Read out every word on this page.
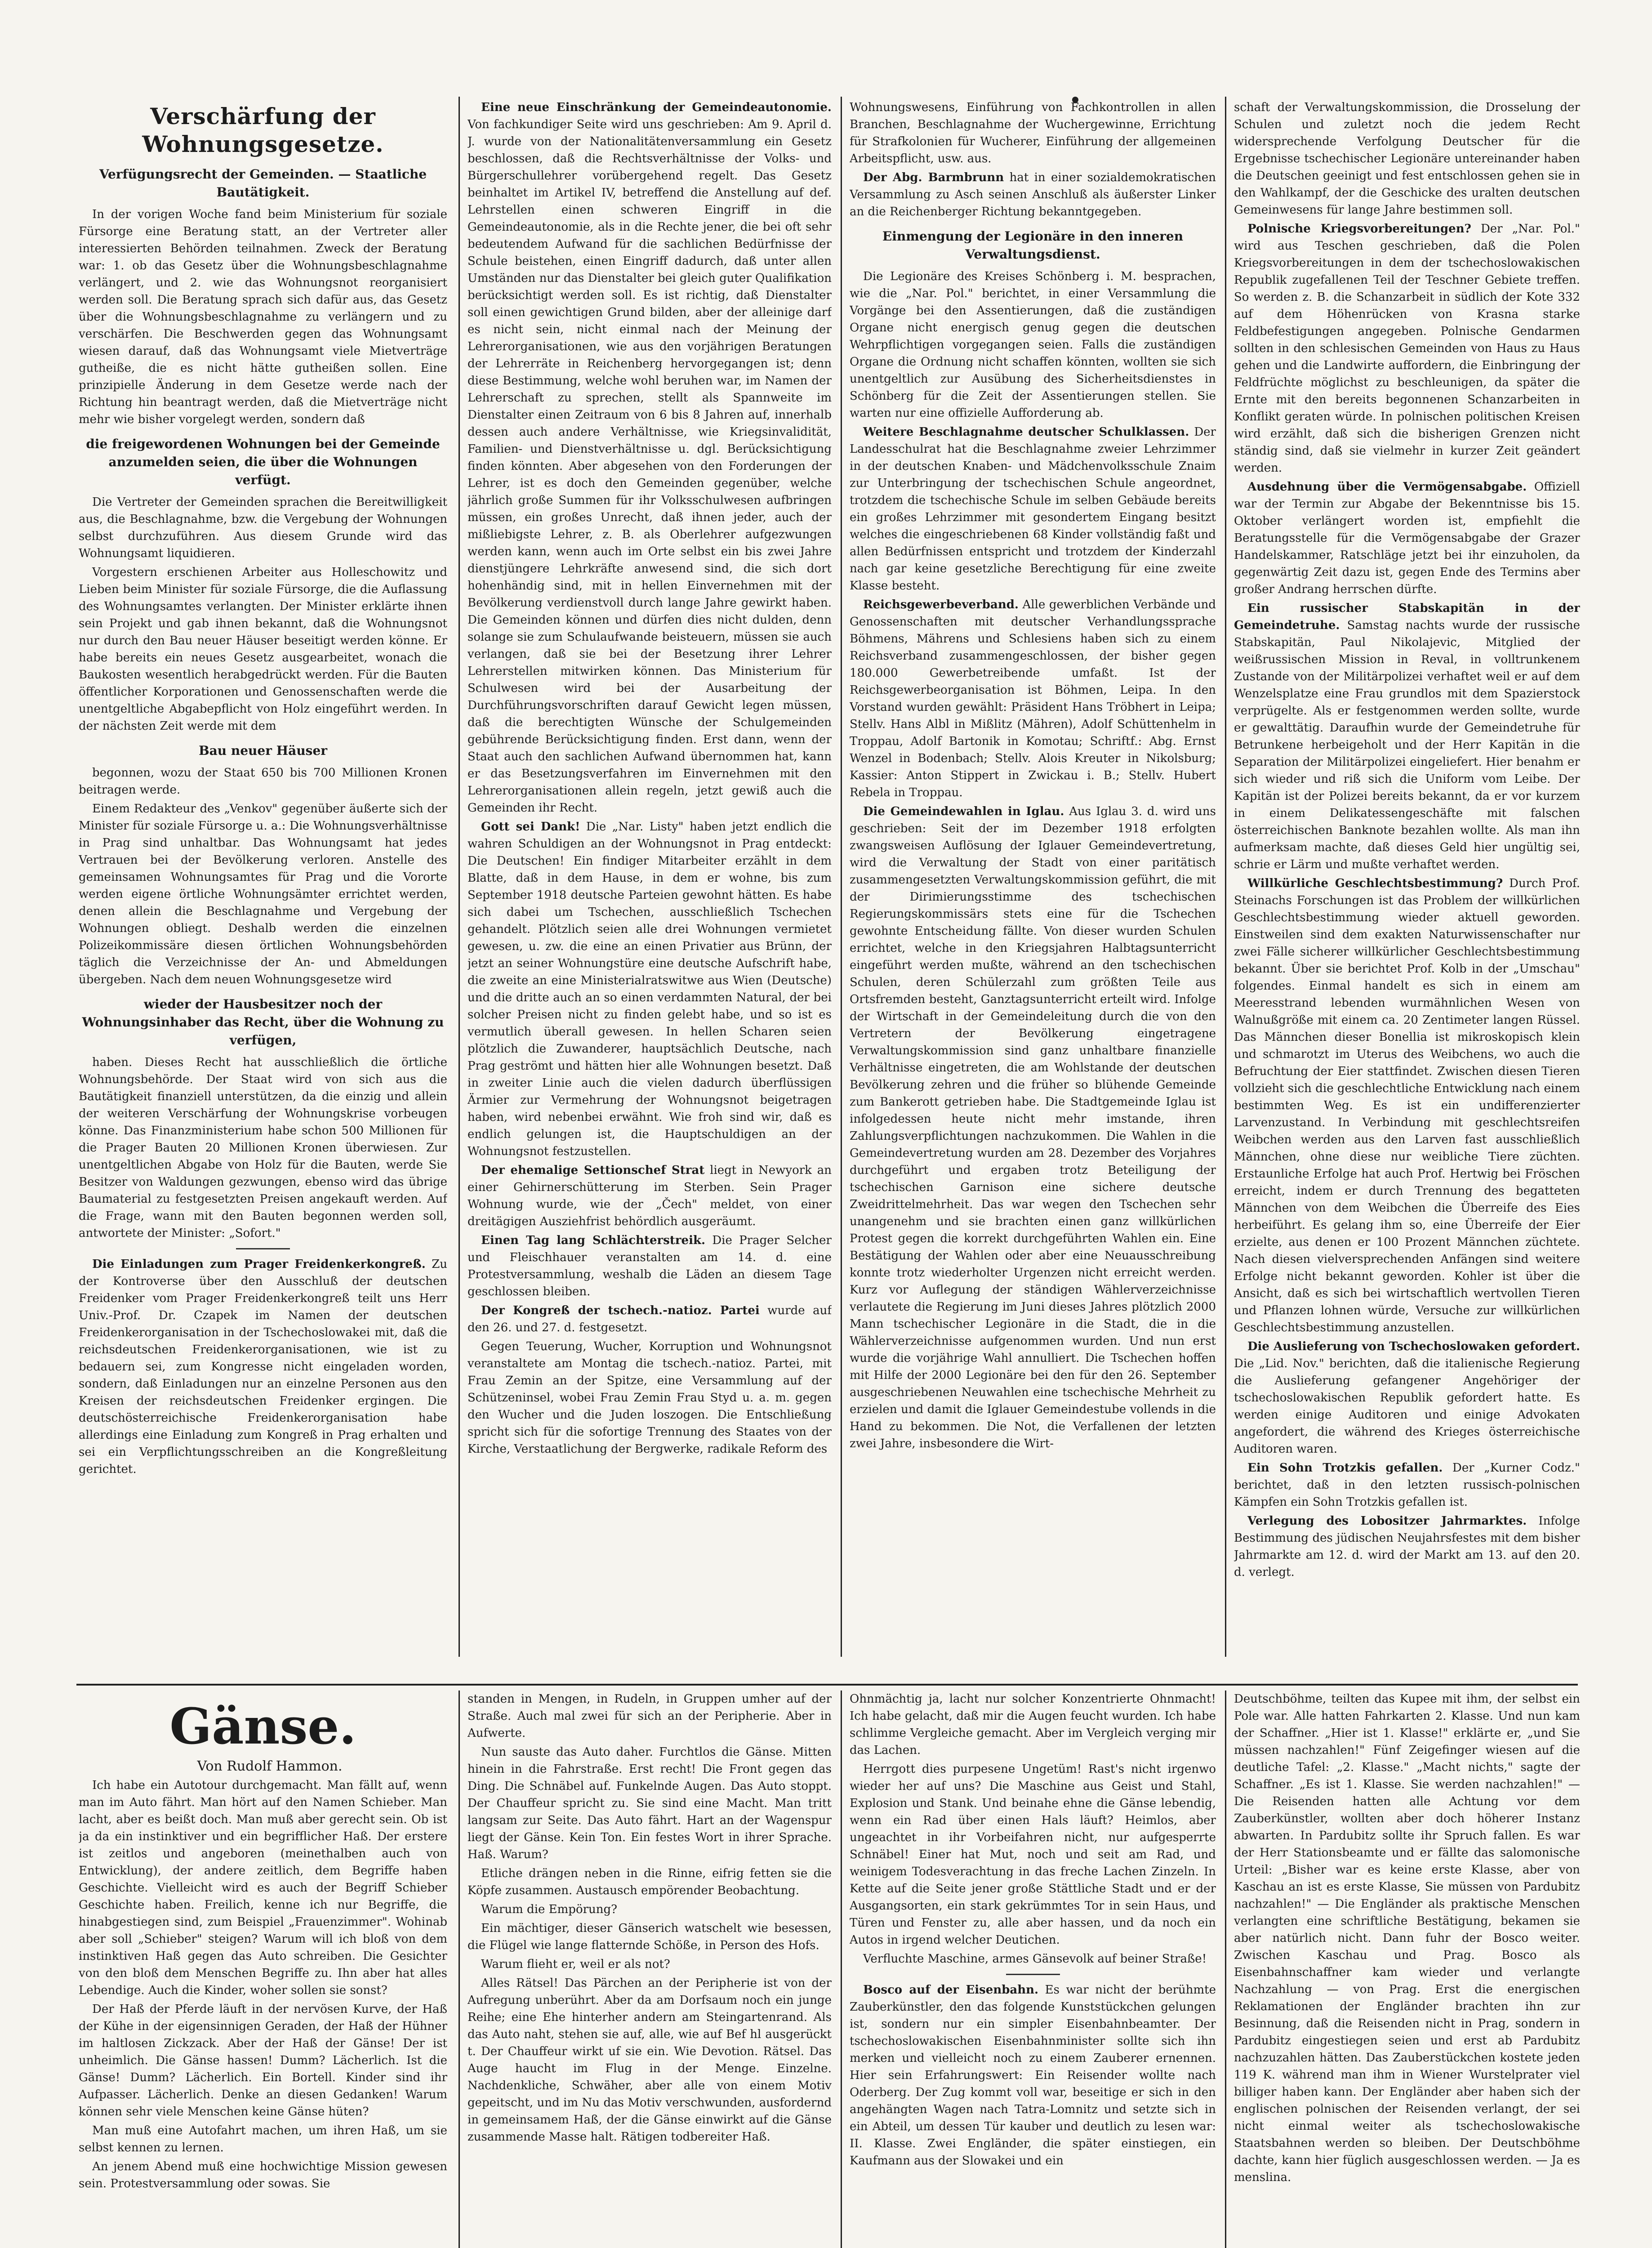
Verschärfung der Wohnungsgesetze.

Verfügungsrecht der Gemeinden. — Staatliche Bautätigkeit.

In der vorigen Woche fand beim Ministerium für soziale Fürsorge eine Beratung statt, an der Vertreter aller interessierten Behörden teilnahmen. Zweck der Beratung war: 1. ob das Gesetz über die Wohnungsbeschlagnahme verlängert, und 2. wie das Wohnungsnot reorganisiert werden soll. Die Beratung sprach sich dafür aus, das Gesetz über die Wohnungsbeschlagnahme zu verlängern und zu verschärfen. Die Beschwerden gegen das Wohnungsamt wiesen darauf, daß das Wohnungsamt viele Mietverträge gutheiße, die es nicht hätte gutheißen sollen. Eine prinzipielle Änderung in dem Gesetze werde nach der Richtung hin beantragt werden, daß die Mietverträge nicht mehr wie bisher vorgelegt werden, sondern daß

die freigewordenen Wohnungen bei der Gemeinde anzumelden seien, die über die Wohnungen verfügt.

Die Vertreter der Gemeinden sprachen die Bereitwilligkeit aus, die Beschlagnahme, bzw. die Vergebung der Wohnungen selbst durchzuführen. Aus diesem Grunde wird das Wohnungsamt liquidieren.

Vorgestern erschienen Arbeiter aus Holleschowitz und Lieben beim Minister für soziale Fürsorge, die die Auflassung des Wohnungsamtes verlangten. Der Minister erklärte ihnen sein Projekt und gab ihnen bekannt, daß die Wohnungsnot nur durch den Bau neuer Häuser beseitigt werden könne. Er habe bereits ein neues Gesetz ausgearbeitet, wonach die Baukosten wesentlich herabgedrückt werden. Für die Bauten öffentlicher Korporationen und Genossenschaften werde die unentgeltliche Abgabepflicht von Holz eingeführt werden. In der nächsten Zeit werde mit dem

Bau neuer Häuser

begonnen, wozu der Staat 650 bis 700 Millionen Kronen beitragen werde.

Einem Redakteur des „Venkov" gegenüber äußerte sich der Minister für soziale Fürsorge u. a.: Die Wohnungsverhältnisse in Prag sind unhaltbar. Das Wohnungsamt hat jedes Vertrauen bei der Bevölkerung verloren. Anstelle des gemeinsamen Wohnungsamtes für Prag und die Vororte werden eigene örtliche Wohnungsämter errichtet werden, denen allein die Beschlagnahme und Vergebung der Wohnungen obliegt. Deshalb werden die einzelnen Polizeikommissäre diesen örtlichen Wohnungsbehörden täglich die Verzeichnisse der An- und Abmeldungen übergeben. Nach dem neuen Wohnungsgesetze wird

wieder der Hausbesitzer noch der Wohnungsinhaber das Recht, über die Wohnung zu verfügen,

haben. Dieses Recht hat ausschließlich die örtliche Wohnungsbehörde. Der Staat wird von sich aus die Bautätigkeit finanziell unterstützen, da die einzig und allein der weiteren Verschärfung der Wohnungskrise vorbeugen könne. Das Finanzministerium habe schon 500 Millionen für die Prager Bauten 20 Millionen Kronen überwiesen. Zur unentgeltlichen Abgabe von Holz für die Bauten, werde Sie Besitzer von Waldungen gezwungen, ebenso wird das übrige Baumaterial zu festgesetzten Preisen angekauft werden. Auf die Frage, wann mit den Bauten begonnen werden soll, antwortete der Minister: „Sofort."

Die Einladungen zum Prager Freidenkerkongreß. Zu der Kontroverse über den Ausschluß der deutschen Freidenker vom Prager Freidenkerkongreß teilt uns Herr Univ.-Prof. Dr. Czapek im Namen der deutschen Freidenkerorganisation in der Tschechoslowakei mit, daß die reichsdeutschen Freidenkerorganisationen, wie ist zu bedauern sei, zum Kongresse nicht eingeladen worden, sondern, daß Einladungen nur an einzelne Personen aus den Kreisen der reichsdeutschen Freidenker ergingen. Die deutschösterreichische Freidenkerorganisation habe allerdings eine Einladung zum Kongreß in Prag erhalten und sei ein Verpflichtungsschreiben an die Kongreßleitung gerichtet.

Eine neue Einschränkung der Gemeindeautonomie. Von fachkundiger Seite wird uns geschrieben: Am 9. April d. J. wurde von der Nationalitätenversammlung ein Gesetz beschlossen, daß die Rechtsverhältnisse der Volks- und Bürgerschullehrer vorübergehend regelt. Das Gesetz beinhaltet im Artikel IV, betreffend die Anstellung auf def. Lehrstellen einen schweren Eingriff in die Gemeindeautonomie, als in die Rechte jener, die bei oft sehr bedeutendem Aufwand für die sachlichen Bedürfnisse der Schule beistehen, einen Eingriff dadurch, daß unter allen Umständen nur das Dienstalter bei gleich guter Qualifikation berücksichtigt werden soll. Es ist richtig, daß Dienstalter soll einen gewichtigen Grund bilden, aber der alleinige darf es nicht sein, nicht einmal nach der Meinung der Lehrerorganisationen, wie aus den vorjährigen Beratungen der Lehrerräte in Reichenberg hervorgegangen ist; denn diese Bestimmung, welche wohl beruhen war, im Namen der Lehrerschaft zu sprechen, stellt als Spannweite im Dienstalter einen Zeitraum von 6 bis 8 Jahren auf, innerhalb dessen auch andere Verhältnisse, wie Kriegsinvalidität, Familien- und Dienstverhältnisse u. dgl. Berücksichtigung finden könnten. Aber abgesehen von den Forderungen der Lehrer, ist es doch den Gemeinden gegenüber, welche jährlich große Summen für ihr Volksschulwesen aufbringen müssen, ein großes Unrecht, daß ihnen jeder, auch der mißliebigste Lehrer, z. B. als Oberlehrer aufgezwungen werden kann, wenn auch im Orte selbst ein bis zwei Jahre dienstjüngere Lehrkräfte anwesend sind, die sich dort hohenhändig sind, mit in hellen Einvernehmen mit der Bevölkerung verdienstvoll durch lange Jahre gewirkt haben. Die Gemeinden können und dürfen dies nicht dulden, denn solange sie zum Schulaufwande beisteuern, müssen sie auch verlangen, daß sie bei der Besetzung ihrer Lehrer Lehrerstellen mitwirken können. Das Ministerium für Schulwesen wird bei der Ausarbeitung der Durchführungsvorschriften darauf Gewicht legen müssen, daß die berechtigten Wünsche der Schulgemeinden gebührende Berücksichtigung finden. Erst dann, wenn der Staat auch den sachlichen Aufwand übernommen hat, kann er das Besetzungsverfahren im Einvernehmen mit den Lehrerorganisationen allein regeln, jetzt gewiß auch die Gemeinden ihr Recht.

Gott sei Dank! Die „Nar. Listy" haben jetzt endlich die wahren Schuldigen an der Wohnungsnot in Prag entdeckt: Die Deutschen! Ein findiger Mitarbeiter erzählt in dem Blatte, daß in dem Hause, in dem er wohne, bis zum September 1918 deutsche Parteien gewohnt hätten. Es habe sich dabei um Tschechen, ausschließlich Tschechen gehandelt. Plötzlich seien alle drei Wohnungen vermietet gewesen, u. zw. die eine an einen Privatier aus Brünn, der jetzt an seiner Wohnungstüre eine deutsche Aufschrift habe, die zweite an eine Ministerialratswitwe aus Wien (Deutsche) und die dritte auch an so einen verdammten Natural, der bei solcher Preisen nicht zu finden gelebt habe, und so ist es vermutlich überall gewesen. In hellen Scharen seien plötzlich die Zuwanderer, hauptsächlich Deutsche, nach Prag geströmt und hätten hier alle Wohnungen besetzt. Daß in zweiter Linie auch die vielen dadurch überflüssigen Ärmier zur Vermehrung der Wohnungsnot beigetragen haben, wird nebenbei erwähnt. Wie froh sind wir, daß es endlich gelungen ist, die Hauptschuldigen an der Wohnungsnot festzustellen.

Der ehemalige Settionschef Strat liegt in Newyork an einer Gehirnerschütterung im Sterben. Sein Prager Wohnung wurde, wie der „Čech" meldet, von einer dreitägigen Ausziehfrist behördlich ausgeräumt.

Einen Tag lang Schlächterstreik. Die Prager Selcher und Fleischhauer veranstalten am 14. d. eine Protestversammlung, weshalb die Läden an diesem Tage geschlossen bleiben.

Der Kongreß der tschech.-natioz. Partei wurde auf den 26. und 27. d. festgesetzt.

Gegen Teuerung, Wucher, Korruption und Wohnungsnot veranstaltete am Montag die tschech.-natioz. Partei, mit Frau Zemin an der Spitze, eine Versammlung auf der Schützeninsel, wobei Frau Zemin Frau Styd u. a. m. gegen den Wucher und die Juden loszogen. Die Entschließung spricht sich für die sofortige Trennung des Staates von der Kirche, Verstaatlichung der Bergwerke, radikale Reform des

Wohnungswesens, Einführung von Fachkontrollen in allen Branchen, Beschlagnahme der Wuchergewinne, Errichtung für Strafkolonien für Wucherer, Einführung der allgemeinen Arbeitspflicht, usw. aus.

Der Abg. Barmbrunn hat in einer sozialdemokratischen Versammlung zu Asch seinen Anschluß als äußerster Linker an die Reichenberger Richtung bekanntgegeben.

Einmengung der Legionäre in den inneren Verwaltungsdienst.

Die Legionäre des Kreises Schönberg i. M. besprachen, wie die „Nar. Pol." berichtet, in einer Versammlung die Vorgänge bei den Assentierungen, daß die zuständigen Organe nicht energisch genug gegen die deutschen Wehrpflichtigen vorgegangen seien. Falls die zuständigen Organe die Ordnung nicht schaffen könnten, wollten sie sich unentgeltlich zur Ausübung des Sicherheitsdienstes in Schönberg für die Zeit der Assentierungen stellen. Sie warten nur eine offizielle Aufforderung ab.

Weitere Beschlagnahme deutscher Schulklassen. Der Landesschulrat hat die Beschlagnahme zweier Lehrzimmer in der deutschen Knaben- und Mädchenvolksschule Znaim zur Unterbringung der tschechischen Schule angeordnet, trotzdem die tschechische Schule im selben Gebäude bereits ein großes Lehrzimmer mit gesondertem Eingang besitzt welches die eingeschriebenen 68 Kinder vollständig faßt und allen Bedürfnissen entspricht und trotzdem der Kinderzahl nach gar keine gesetzliche Berechtigung für eine zweite Klasse besteht.

Reichsgewerbeverband. Alle gewerblichen Verbände und Genossenschaften mit deutscher Verhandlungssprache Böhmens, Mährens und Schlesiens haben sich zu einem Reichsverband zusammengeschlossen, der bisher gegen 180.000 Gewerbetreibende umfaßt. Ist der Reichsgewerbeorganisation ist Böhmen, Leipa. In den Vorstand wurden gewählt: Präsident Hans Tröbhert in Leipa; Stellv. Hans Albl in Mißlitz (Mähren), Adolf Schüttenhelm in Troppau, Adolf Bartonik in Komotau; Schriftf.: Abg. Ernst Wenzel in Bodenbach; Stellv. Alois Kreuter in Nikolsburg; Kassier: Anton Stippert in Zwickau i. B.; Stellv. Hubert Rebela in Troppau.

Die Gemeindewahlen in Iglau. Aus Iglau 3. d. wird uns geschrieben: Seit der im Dezember 1918 erfolgten zwangsweisen Auflösung der Iglauer Gemeindevertretung, wird die Verwaltung der Stadt von einer paritätisch zusammengesetzten Verwaltungskommission geführt, die mit der Dirimierungsstimme des tschechischen Regierungskommissärs stets eine für die Tschechen gewohnte Entscheidung fällte. Von dieser wurden Schulen errichtet, welche in den Kriegsjahren Halbtagsunterricht eingeführt werden mußte, während an den tschechischen Schulen, deren Schülerzahl zum größten Teile aus Ortsfremden besteht, Ganztagsunterricht erteilt wird. Infolge der Wirtschaft in der Gemeindeleitung durch die von den Vertretern der Bevölkerung eingetragene Verwaltungskommission sind ganz unhaltbare finanzielle Verhältnisse eingetreten, die am Wohlstande der deutschen Bevölkerung zehren und die früher so blühende Gemeinde zum Bankerott getrieben habe. Die Stadtgemeinde Iglau ist infolgedessen heute nicht mehr imstande, ihren Zahlungsverpflichtungen nachzukommen. Die Wahlen in die Gemeindevertretung wurden am 28. Dezember des Vorjahres durchgeführt und ergaben trotz Beteiligung der tschechischen Garnison eine sichere deutsche Zweidrittelmehrheit. Das war wegen den Tschechen sehr unangenehm und sie brachten einen ganz willkürlichen Protest gegen die korrekt durchgeführten Wahlen ein. Eine Bestätigung der Wahlen oder aber eine Neuausschreibung konnte trotz wiederholter Urgenzen nicht erreicht werden. Kurz vor Auflegung der ständigen Wählerverzeichnisse verlautete die Regierung im Juni dieses Jahres plötzlich 2000 Mann tschechischer Legionäre in die Stadt, die in die Wählerverzeichnisse aufgenommen wurden. Und nun erst wurde die vorjährige Wahl annulliert. Die Tschechen hoffen mit Hilfe der 2000 Legionäre bei den für den 26. September ausgeschriebenen Neuwahlen eine tschechische Mehrheit zu erzielen und damit die Iglauer Gemeindestube vollends in die Hand zu bekommen. Die Not, die Verfallenen der letzten zwei Jahre, insbesondere die Wirt-

schaft der Verwaltungskommission, die Drosselung der Schulen und zuletzt noch die jedem Recht widersprechende Verfolgung Deutscher für die Ergebnisse tschechischer Legionäre untereinander haben die Deutschen geeinigt und fest entschlossen gehen sie in den Wahlkampf, der die Geschicke des uralten deutschen Gemeinwesens für lange Jahre bestimmen soll.

Polnische Kriegsvorbereitungen? Der „Nar. Pol." wird aus Teschen geschrieben, daß die Polen Kriegsvorbereitungen in dem der tschechoslowakischen Republik zugefallenen Teil der Teschner Gebiete treffen. So werden z. B. die Schanzarbeit in südlich der Kote 332 auf dem Höhenrücken von Krasna starke Feldbefestigungen angegeben. Polnische Gendarmen sollten in den schlesischen Gemeinden von Haus zu Haus gehen und die Landwirte auffordern, die Einbringung der Feldfrüchte möglichst zu beschleunigen, da später die Ernte mit den bereits begonnenen Schanzarbeiten in Konflikt geraten würde. In polnischen politischen Kreisen wird erzählt, daß sich die bisherigen Grenzen nicht ständig sind, daß sie vielmehr in kurzer Zeit geändert werden.

Ausdehnung über die Vermögensabgabe. Offiziell war der Termin zur Abgabe der Bekenntnisse bis 15. Oktober verlängert worden ist, empfiehlt die Beratungsstelle für die Vermögensabgabe der Grazer Handelskammer, Ratschläge jetzt bei ihr einzuholen, da gegenwärtig Zeit dazu ist, gegen Ende des Termins aber großer Andrang herrschen dürfte.

Ein russischer Stabskapitän in der Gemeindetruhe. Samstag nachts wurde der russische Stabskapitän, Paul Nikolajevic, Mitglied der weißrussischen Mission in Reval, in volltrunkenem Zustande von der Militärpolizei verhaftet weil er auf dem Wenzelsplatze eine Frau grundlos mit dem Spazierstock verprügelte. Als er festgenommen werden sollte, wurde er gewalttätig. Daraufhin wurde der Gemeindetruhe für Betrunkene herbeigeholt und der Herr Kapitän in die Separation der Militärpolizei eingeliefert. Hier benahm er sich wieder und riß sich die Uniform vom Leibe. Der Kapitän ist der Polizei bereits bekannt, da er vor kurzem in einem Delikatessengeschäfte mit falschen österreichischen Banknote bezahlen wollte. Als man ihn aufmerksam machte, daß dieses Geld hier ungültig sei, schrie er Lärm und mußte verhaftet werden.

Willkürliche Geschlechtsbestimmung? Durch Prof. Steinachs Forschungen ist das Problem der willkürlichen Geschlechtsbestimmung wieder aktuell geworden. Einstweilen sind dem exakten Naturwissenschafter nur zwei Fälle sicherer willkürlicher Geschlechtsbestimmung bekannt. Über sie berichtet Prof. Kolb in der „Umschau" folgendes. Einmal handelt es sich in einem am Meeresstrand lebenden wurmähnlichen Wesen von Walnußgröße mit einem ca. 20 Zentimeter langen Rüssel. Das Männchen dieser Bonellia ist mikroskopisch klein und schmarotzt im Uterus des Weibchens, wo auch die Befruchtung der Eier stattfindet. Zwischen diesen Tieren vollzieht sich die geschlechtliche Entwicklung nach einem bestimmten Weg. Es ist ein undifferenzierter Larvenzustand. In Verbindung mit geschlechtsreifen Weibchen werden aus den Larven fast ausschließlich Männchen, ohne diese nur weibliche Tiere züchten. Erstaunliche Erfolge hat auch Prof. Hertwig bei Fröschen erreicht, indem er durch Trennung des begatteten Männchen von dem Weibchen die Überreife des Eies herbeiführt. Es gelang ihm so, eine Überreife der Eier erzielte, aus denen er 100 Prozent Männchen züchtete. Nach diesen vielversprechenden Anfängen sind weitere Erfolge nicht bekannt geworden. Kohler ist über die Ansicht, daß es sich bei wirtschaftlich wertvollen Tieren und Pflanzen lohnen würde, Versuche zur willkürlichen Geschlechtsbestimmung anzustellen.

Die Auslieferung von Tschechoslowaken gefordert. Die „Lid. Nov." berichten, daß die italienische Regierung die Auslieferung gefangener Angehöriger der tschechoslowakischen Republik gefordert hatte. Es werden einige Auditoren und einige Advokaten angefordert, die während des Krieges österreichische Auditoren waren.

Ein Sohn Trotzkis gefallen. Der „Kurner Codz." berichtet, daß in den letzten russisch-polnischen Kämpfen ein Sohn Trotzkis gefallen ist.

Verlegung des Lobositzer Jahrmarktes. Infolge Bestimmung des jüdischen Neujahrsfestes mit dem bisher Jahrmarkte am 12. d. wird der Markt am 13. auf den 20. d. verlegt.

Gänse.

Von Rudolf Hammon.

Ich habe ein Autotour durchgemacht. Man fällt auf, wenn man im Auto fährt. Man hört auf den Namen Schieber. Man lacht, aber es beißt doch. Man muß aber gerecht sein. Ob ist ja da ein instinktiver und ein begrifflicher Haß. Der erstere ist zeitlos und angeboren (meinethalben auch von Entwicklung), der andere zeitlich, dem Begriffe haben Geschichte. Vielleicht wird es auch der Begriff Schieber Geschichte haben. Freilich, kenne ich nur Begriffe, die hinabgestiegen sind, zum Beispiel „Frauenzimmer". Wohinab aber soll „Schieber" steigen? Warum will ich bloß von dem instinktiven Haß gegen das Auto schreiben. Die Gesichter von den bloß dem Menschen Begriffe zu. Ihn aber hat alles Lebendige. Auch die Kinder, woher sollen sie sonst?

Der Haß der Pferde läuft in der nervösen Kurve, der Haß der Kühe in der eigensinnigen Geraden, der Haß der Hühner im haltlosen Zickzack. Aber der Haß der Gänse! Der ist unheimlich. Die Gänse hassen! Dumm? Lächerlich. Ist die Gänse! Dumm? Lächerlich. Ein Bortell. Kinder sind ihr Aufpasser. Lächerlich. Denke an diesen Gedanken! Warum können sehr viele Menschen keine Gänse hüten?

Man muß eine Autofahrt machen, um ihren Haß, um sie selbst kennen zu lernen.

An jenem Abend muß eine hochwichtige Mission gewesen sein. Protestversammlung oder sowas. Sie

standen in Mengen, in Rudeln, in Gruppen umher auf der Straße. Auch mal zwei für sich an der Peripherie. Aber in Aufwerte.

Nun sauste das Auto daher. Furchtlos die Gänse. Mitten hinein in die Fahrstraße. Erst recht! Die Front gegen das Ding. Die Schnäbel auf. Funkelnde Augen. Das Auto stoppt. Der Chauffeur spricht zu. Sie sind eine Macht. Man tritt langsam zur Seite. Das Auto fährt. Hart an der Wagenspur liegt der Gänse. Kein Ton. Ein festes Wort in ihrer Sprache. Haß. Warum?

Etliche drängen neben in die Rinne, eifrig fetten sie die Köpfe zusammen. Austausch empörender Beobachtung.

Warum die Empörung?

Ein mächtiger, dieser Gänserich watschelt wie besessen, die Flügel wie lange flatternde Schöße, in Person des Hofs.

Warum flieht er, weil er als not?

Alles Rätsel! Das Pärchen an der Peripherie ist von der Aufregung unberührt. Aber da am Dorfsaum noch ein junge Reihe; eine Ehe hinterher andern am Steingartenrand. Als das Auto naht, stehen sie auf, alle, wie auf Bef hl ausgerückt t. Der Chauffeur wirkt uf sie ein. Wie Devotion. Rätsel. Das Auge haucht im Flug in der Menge. Einzelne. Nachdenkliche, Schwäher, aber alle von einem Motiv gepeitscht, und im Nu das Motiv verschwunden, ausfordernd in gemeinsamem Haß, der die Gänse einwirkt auf die Gänse zusammende Masse halt. Rätigen todbereiter Haß.

Ohnmächtig ja, lacht nur solcher Konzentrierte Ohnmacht! Ich habe gelacht, daß mir die Augen feucht wurden. Ich habe schlimme Vergleiche gemacht. Aber im Vergleich verging mir das Lachen.

Herrgott dies purpesene Ungetüm! Rast's nicht irgenwo wieder her auf uns? Die Maschine aus Geist und Stahl, Explosion und Stank. Und beinahe ehne die Gänse lebendig, wenn ein Rad über einen Hals läuft? Heimlos, aber ungeachtet in ihr Vorbeifahren nicht, nur aufgesperrte Schnäbel! Einer hat Mut, noch und seit am Rad, und weinigem Todesverachtung in das freche Lachen Zinzeln. In Kette auf die Seite jener große Stättliche Stadt und er der Ausgangsorten, ein stark gekrümmtes Tor in sein Haus, und Türen und Fenster zu, alle aber hassen, und da noch ein Autos in irgend welcher Deutichen.

Verfluchte Maschine, armes Gänsevolk auf beiner Straße!

Bosco auf der Eisenbahn. Es war nicht der berühmte Zauberkünstler, den das folgende Kunststückchen gelungen ist, sondern nur ein simpler Eisenbahnbeamter. Der tschechoslowakischen Eisenbahnminister sollte sich ihn merken und vielleicht noch zu einem Zauberer ernennen. Hier sein Erfahrungswert: Ein Reisender wollte nach Oderberg. Der Zug kommt voll war, beseitige er sich in den angehängten Wagen nach Tatra-Lomnitz und setzte sich in ein Abteil, um dessen Tür kauber und deutlich zu lesen war: II. Klasse. Zwei Engländer, die später einstiegen, ein Kaufmann aus der Slowakei und ein

Deutschböhme, teilten das Kupee mit ihm, der selbst ein Pole war. Alle hatten Fahrkarten 2. Klasse. Und nun kam der Schaffner. „Hier ist 1. Klasse!" erklärte er, „und Sie müssen nachzahlen!" Fünf Zeigefinger wiesen auf die deutliche Tafel: „2. Klasse." „Macht nichts," sagte der Schaffner. „Es ist 1. Klasse. Sie werden nachzahlen!" — Die Reisenden hatten alle Achtung vor dem Zauberkünstler, wollten aber doch höherer Instanz abwarten. In Pardubitz sollte ihr Spruch fallen. Es war der Herr Stationsbeamte und er fällte das salomonische Urteil: „Bisher war es keine erste Klasse, aber von Kaschau an ist es erste Klasse, Sie müssen von Pardubitz nachzahlen!" — Die Engländer als praktische Menschen verlangten eine schriftliche Bestätigung, bekamen sie aber natürlich nicht. Dann fuhr der Bosco weiter. Zwischen Kaschau und Prag. Bosco als Eisenbahnschaffner kam wieder und verlangte Nachzahlung — von Prag. Erst die energischen Reklamationen der Engländer brachten ihn zur Besinnung, daß die Reisenden nicht in Prag, sondern in Pardubitz eingestiegen seien und erst ab Pardubitz nachzuzahlen hätten. Das Zauberstückchen kostete jeden 119 K. während man ihm in Wiener Wurstelprater viel billiger haben kann. Der Engländer aber haben sich der englischen polnischen der Reisenden verlangt, der sei nicht einmal weiter als tschechoslowakische Staatsbahnen werden so bleiben. Der Deutschböhme dachte, kann hier füglich ausgeschlossen werden. — Ja es menslina.
